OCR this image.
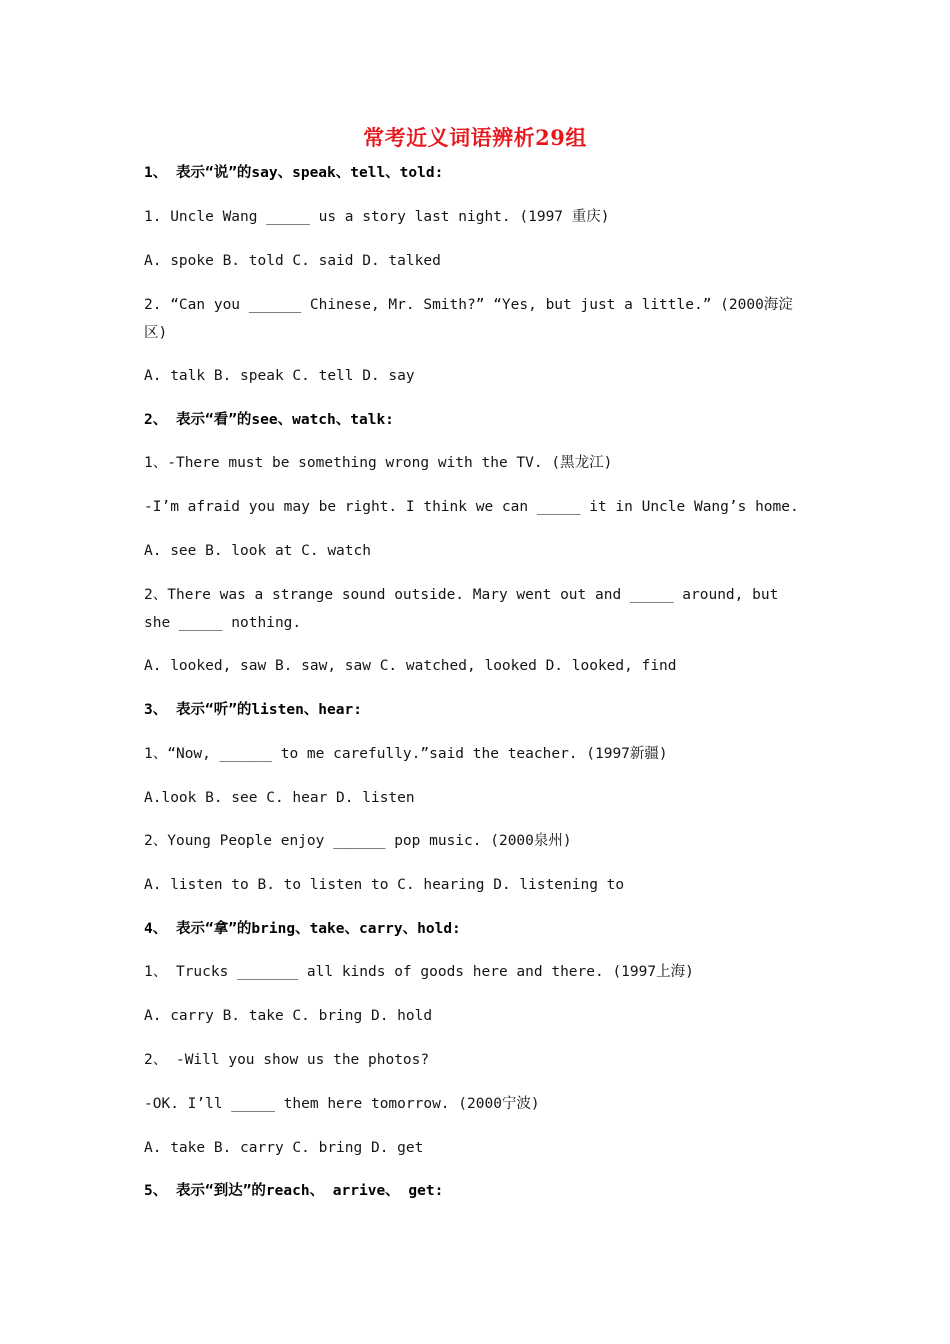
常考近义词语辨析29组
1、 表示“说”的say、speak、tell、told:
1. Uncle Wang _____ us a story last night. (1997 重庆)
A. spoke B. told C. said D. talked
2. “Can you ______ Chinese, Mr. Smith?” “Yes, but just a little.” (2000海淀区)
A. talk B. speak C. tell D. say
2、 表示“看”的see、watch、talk:
1、-There must be something wrong with the TV. (黑龙江)
-I’m afraid you may be right. I think we can _____ it in Uncle Wang’s home.
A. see B. look at C. watch
2、There was a strange sound outside. Mary went out and _____ around, but she _____ nothing.
A. looked, saw B. saw, saw C. watched, looked D. looked, find
3、 表示“听”的listen、hear:
1、“Now, ______ to me carefully.”said the teacher. (1997新疆)
A.look B. see C. hear D. listen
2、Young People enjoy ______ pop music. (2000泉州)
A. listen to B. to listen to C. hearing D. listening to
4、 表示“拿”的bring、take、carry、hold:
1、 Trucks _______ all kinds of goods here and there. (1997上海)
A. carry B. take C. bring D. hold
2、 -Will you show us the photos?
-OK. I’ll _____ them here tomorrow. (2000宁波)
A. take B. carry C. bring D. get
5、 表示“到达”的reach、 arrive、 get:
